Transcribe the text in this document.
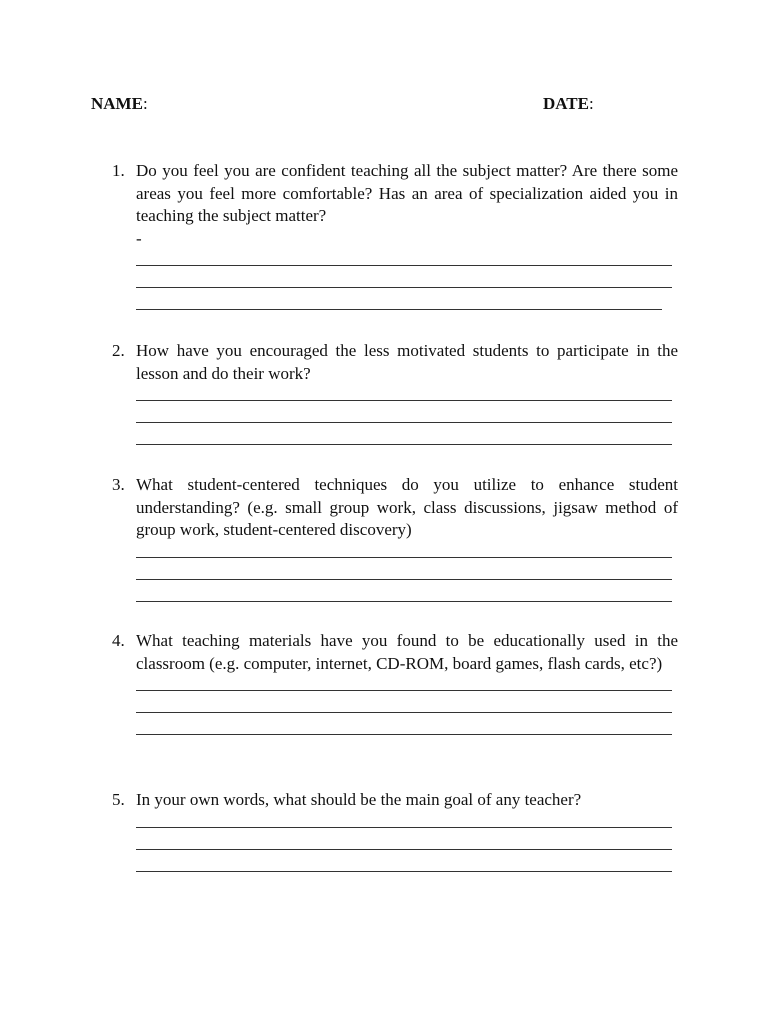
NAME:	DATE:
1. Do you feel you are confident teaching all the subject matter? Are there some areas you feel more comfortable? Has an area of specialization aided you in teaching the subject matter?
-
2. How have you encouraged the less motivated students to participate in the lesson and do their work?
3. What student-centered techniques do you utilize to enhance student understanding? (e.g. small group work, class discussions, jigsaw method of group work, student-centered discovery)
4. What teaching materials have you found to be educationally used in the classroom (e.g. computer, internet, CD-ROM, board games, flash cards, etc?)
5. In your own words, what should be the main goal of any teacher?
